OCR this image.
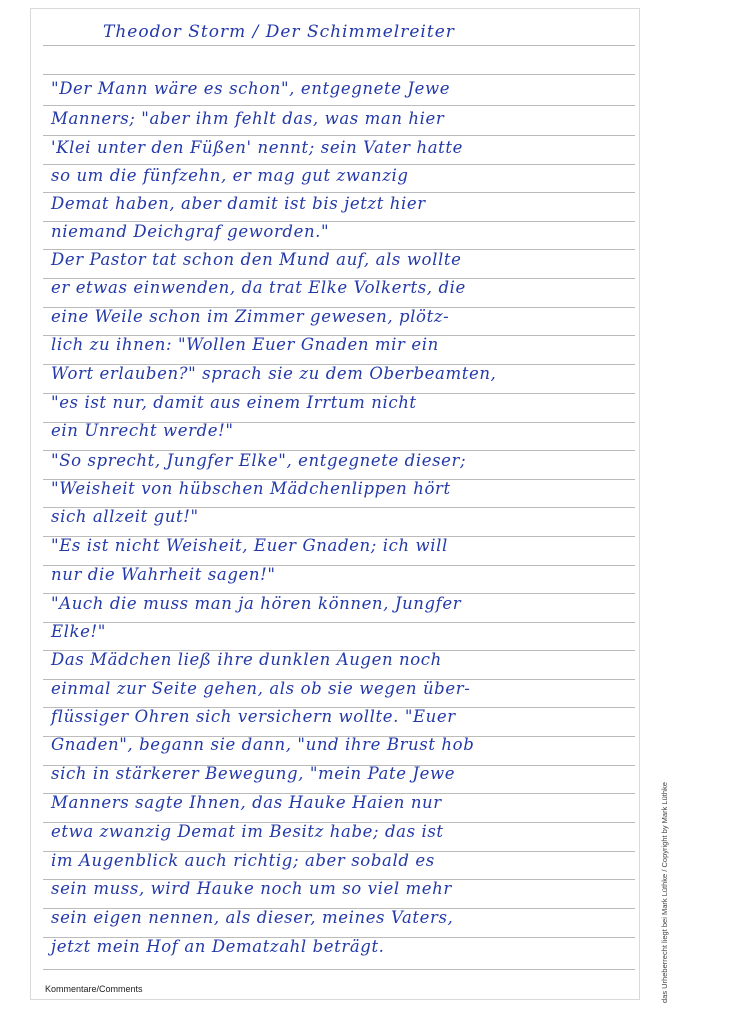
Theodor Storm / Der Schimmelreiter
"Der Mann wäre es schon", entgegnete Jewe
Manners; "aber ihm fehlt das, was man hier
'Klei unter den Füßen' nennt; sein Vater hatte
so um die fünfzehn, er mag gut zwanzig
Demat haben, aber damit ist bis jetzt hier
niemand Deichgraf geworden."
Der Pastor tat schon den Mund auf, als wollte
er etwas einwenden, da trat Elke Volkerts, die
eine Weile schon im Zimmer gewesen, plötz-
lich zu ihnen: "Wollen Euer Gnaden mir ein
Wort erlauben?" sprach sie zu dem Oberbeamten,
"es ist nur, damit aus einem Irrtum nicht
ein Unrecht werde!"
"So sprecht, Jungfer Elke", entgegnete dieser;
"Weisheit von hübschen Mädchenlippen hört
sich allzeit gut!"
"Es ist nicht Weisheit, Euer Gnaden; ich will
nur die Wahrheit sagen!"
"Auch die muss man ja hören können, Jungfer
Elke!"
Das Mädchen ließ ihre dunklen Augen noch
einmal zur Seite gehen, als ob sie wegen über-
flüssiger Ohren sich versichern wollte. "Euer
Gnaden", begann sie dann, "und ihre Brust hob
sich in stärkerer Bewegung, "mein Pate Jewe
Manners sagte Ihnen, das Hauke Haien nur
etwa zwanzig Demat im Besitz habe; das ist
im Augenblick auch richtig; aber sobald es
sein muss, wird Hauke noch um so viel mehr
sein eigen nennen, als dieser, meines Vaters,
jetzt mein Hof an Dematzahl beträgt.
Kommentare/Comments	das Urheberrecht liegt bei Mark Lüthke / Copyright by Mark Lüthke
